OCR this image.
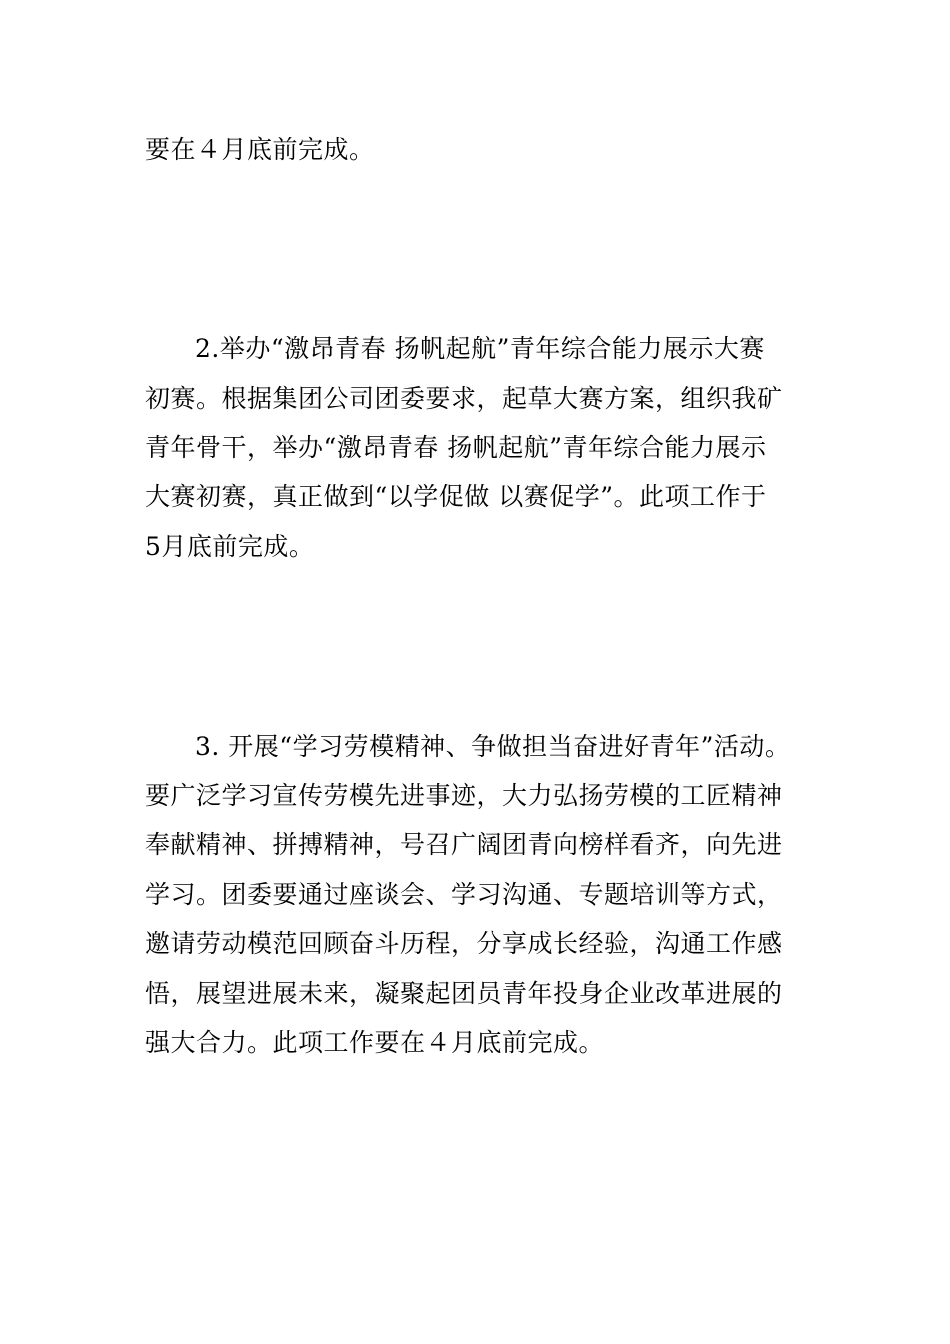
要在４月底前完成。

2.举办“激昂青春 扬帆起航”青年综合能力展示大赛

初赛。根据集团公司团委要求，起草大赛方案，组织我矿

青年骨干，举办“激昂青春 扬帆起航”青年综合能力展示

大赛初赛，真正做到“以学促做 以赛促学”。此项工作于

5月底前完成。

3. 开展“学习劳模精神、争做担当奋进好青年”活动。

要广泛学习宣传劳模先进事迹，大力弘扬劳模的工匠精神

奉献精神、拼搏精神，号召广阔团青向榜样看齐，向先进

学习。团委要通过座谈会、学习沟通、专题培训等方式，

邀请劳动模范回顾奋斗历程，分享成长经验，沟通工作感

悟，展望进展未来，凝聚起团员青年投身企业改革进展的

强大合力。此项工作要在４月底前完成。
